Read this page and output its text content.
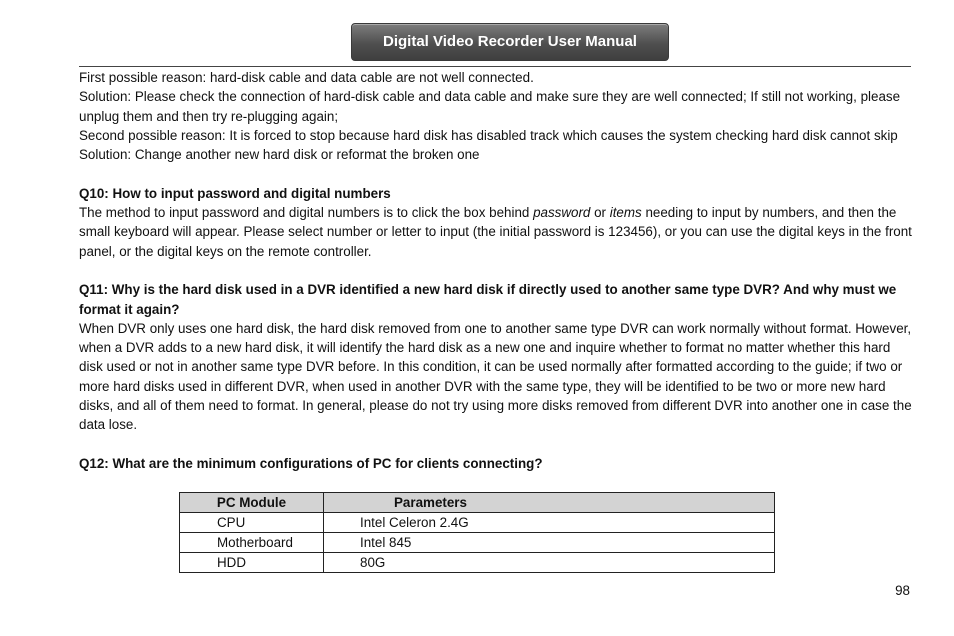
Digital Video Recorder User Manual

First possible reason: hard-disk cable and data cable are not well connected.

Solution: Please check the connection of hard-disk cable and data cable and make sure they are well connected; If still not working, please unplug them and then try re-plugging again;

Second possible reason: It is forced to stop because hard disk has disabled track which causes the system checking hard disk cannot skip

Solution: Change another new hard disk or reformat the broken one

Q10: How to input password and digital numbers

The method to input password and digital numbers is to click the box behind password or items needing to input by numbers, and then the small keyboard will appear. Please select number or letter to input (the initial password is 123456), or you can use the digital keys in the front panel, or the digital keys on the remote controller.

Q11: Why is the hard disk used in a DVR identified a new hard disk if directly used to another same type DVR? And why must we format it again?

When DVR only uses one hard disk, the hard disk removed from one to another same type DVR can work normally without format. However, when a DVR adds to a new hard disk, it will identify the hard disk as a new one and inquire whether to format no matter whether this hard disk used or not in another same type DVR before. In this condition, it can be used normally after formatted according to the guide; if two or more hard disks used in different DVR, when used in another DVR with the same type, they will be identified to be two or more new hard disks, and all of them need to format. In general, please do not try using more disks removed from different DVR into another one in case the data lose.

Q12: What are the minimum configurations of PC for clients connecting?

PC Module	Parameters
CPU	Intel Celeron 2.4G
Motherboard	Intel 845
HDD	80G
98
